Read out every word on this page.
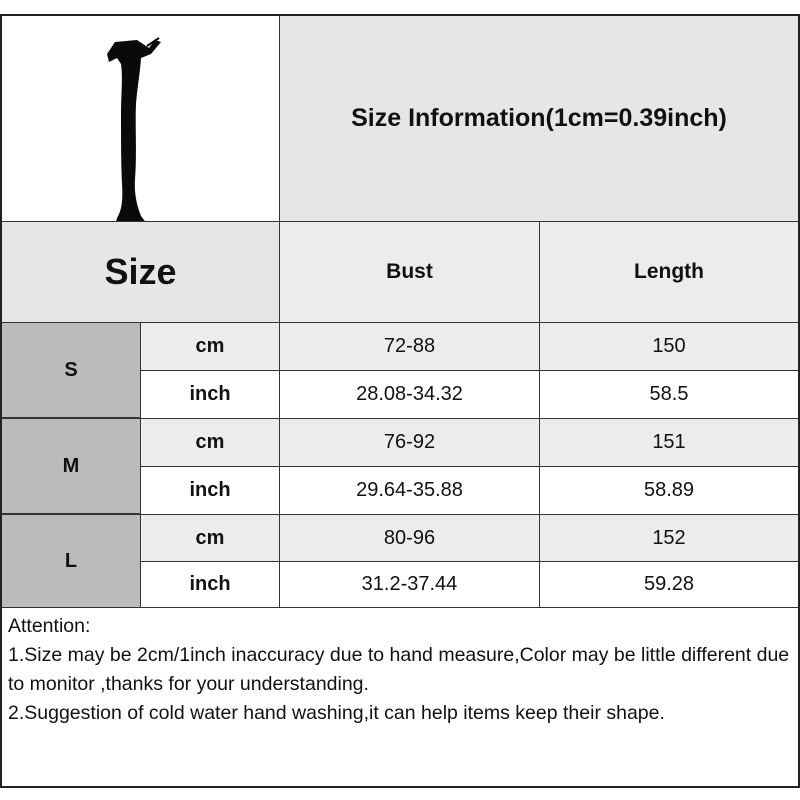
Size Information(1cm=0.39inch)
Size	Bust	Length
S
cm	72-88	150
inch	28.08-34.32	58.5
M
cm	76-92	151
inch	29.64-35.88	58.89
L
cm	80-96	152
inch	31.2-37.44	59.28

Attention:

1.Size may be 2cm/1inch inaccuracy due to hand measure,Color may be little different due to monitor ,thanks for your understanding.

2.Suggestion of cold water hand washing,it can help items keep their shape.
